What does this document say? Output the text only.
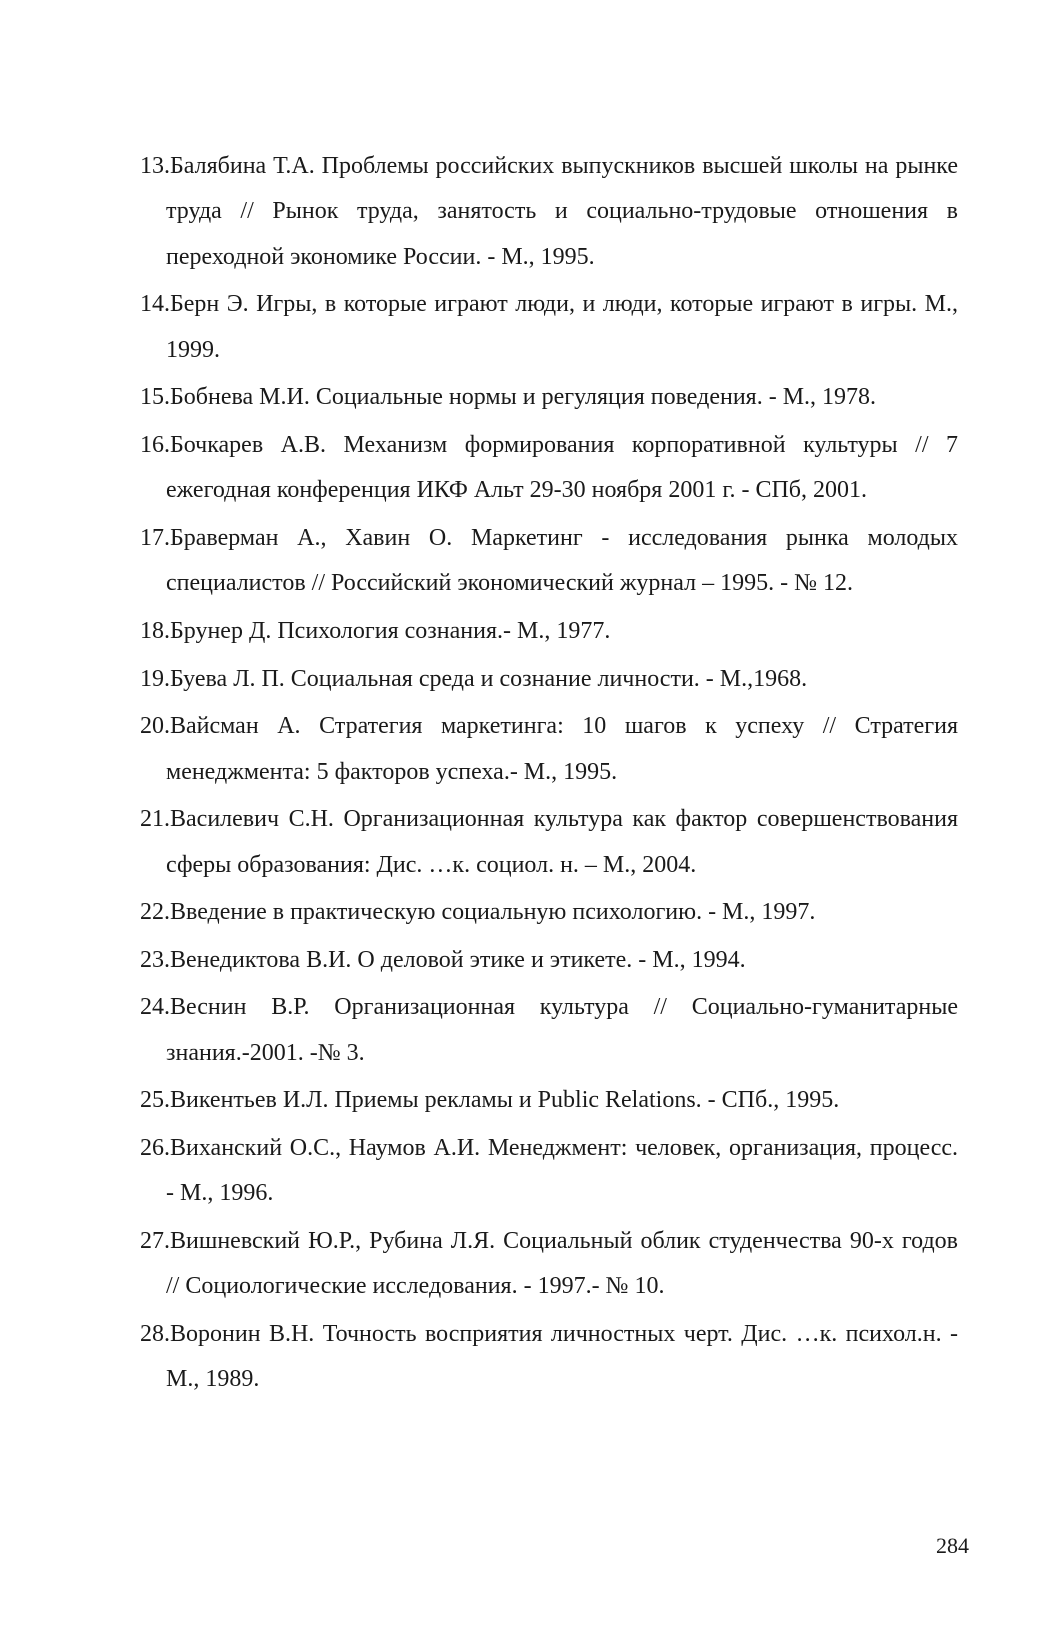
13.Балябина Т.А. Проблемы российских выпускников высшей школы на рынке труда // Рынок труда, занятость и социально-трудовые отношения в переходной экономике России. - М., 1995.

14.Берн Э. Игры, в которые играют люди, и люди, которые играют в игры. М., 1999.

15.Бобнева М.И. Социальные нормы и регуляция поведения. - М., 1978.

16.Бочкарев А.В. Механизм формирования корпоративной культуры // 7 ежегодная конференция ИКФ Альт 29-30 ноября 2001 г. - СПб, 2001.

17.Браверман А., Хавин О. Маркетинг - исследования рынка молодых специалистов // Российский экономический журнал – 1995. - № 12.

18.Брунер Д. Психология сознания.- М., 1977.

19.Буева Л. П. Социальная среда и сознание личности. - М.,1968.

20.Вайсман А. Стратегия маркетинга: 10 шагов к успеху // Стратегия менеджмента: 5 факторов успеха.- М., 1995.

21.Василевич С.Н. Организационная культура как фактор совершенствования сферы образования: Дис. …к. социол. н. – М., 2004.

22.Введение в практическую социальную психологию. - М., 1997.

23.Венедиктова В.И. О деловой этике и этикете. - М., 1994.

24.Веснин В.Р. Организационная культура // Социально-гуманитарные знания.-2001. -№ 3.

25.Викентьев И.Л. Приемы рекламы и Public Relations. - СПб., 1995.

26.Виханский О.С., Наумов А.И. Менеджмент: человек, организация, процесс. - М., 1996.

27.Вишневский Ю.Р., Рубина Л.Я. Социальный облик студенчества 90-х годов // Социологические исследования. - 1997.- № 10.

28.Воронин В.Н. Точность восприятия личностных черт. Дис. …к. психол.н. - М., 1989.

284
